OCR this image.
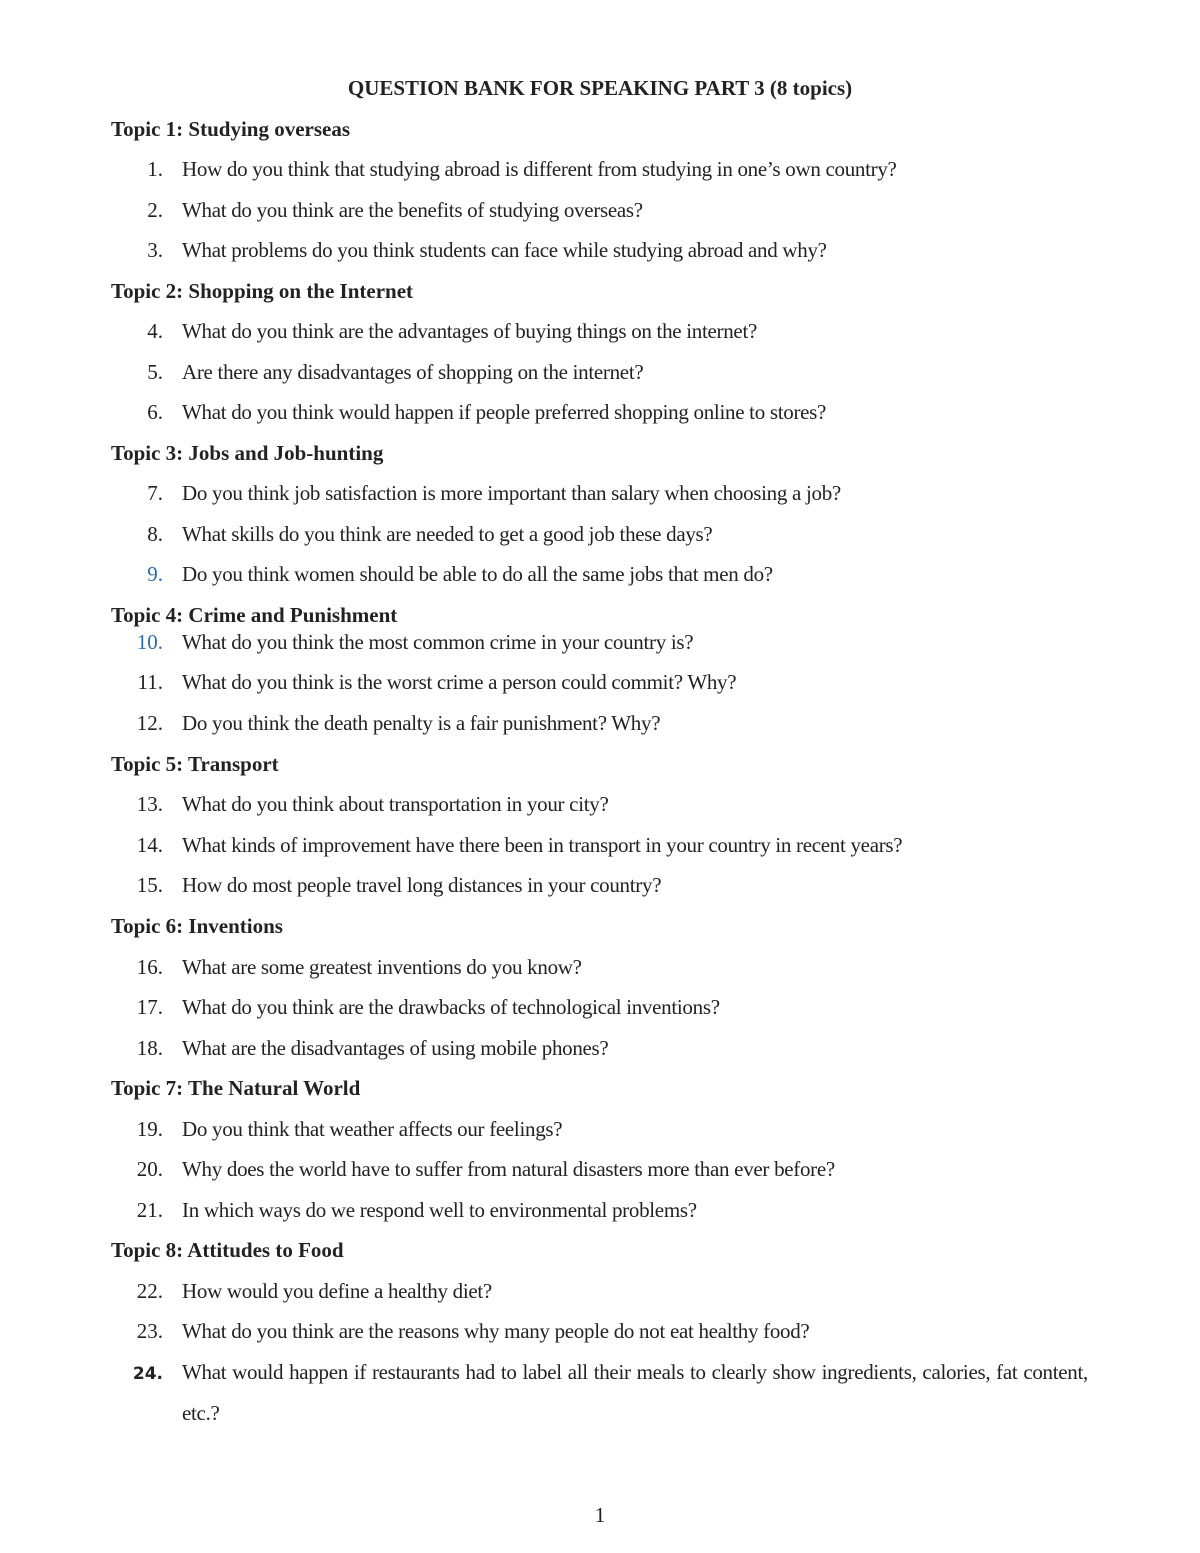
QUESTION BANK FOR SPEAKING PART 3 (8 topics)
Topic 1: Studying overseas
1. How do you think that studying abroad is different from studying in one’s own country?
2. What do you think are the benefits of studying overseas?
3. What problems do you think students can face while studying abroad and why?
Topic 2: Shopping on the Internet
4. What do you think are the advantages of buying things on the internet?
5. Are there any disadvantages of shopping on the internet?
6. What do you think would happen if people preferred shopping online to stores?
Topic 3: Jobs and Job-hunting
7. Do you think job satisfaction is more important than salary when choosing a job?
8. What skills do you think are needed to get a good job these days?
9. Do you think women should be able to do all the same jobs that men do?
Topic 4: Crime and Punishment
10. What do you think the most common crime in your country is?
11. What do you think is the worst crime a person could commit? Why?
12. Do you think the death penalty is a fair punishment? Why?
Topic 5: Transport
13. What do you think about transportation in your city?
14. What kinds of improvement have there been in transport in your country in recent years?
15. How do most people travel long distances in your country?
Topic 6: Inventions
16. What are some greatest inventions do you know?
17. What do you think are the drawbacks of technological inventions?
18. What are the disadvantages of using mobile phones?
Topic 7: The Natural World
19. Do you think that weather affects our feelings?
20. Why does the world have to suffer from natural disasters more than ever before?
21. In which ways do we respond well to environmental problems?
Topic 8: Attitudes to Food
22. How would you define a healthy diet?
23. What do you think are the reasons why many people do not eat healthy food?
24. What would happen if restaurants had to label all their meals to clearly show ingredients, calories, fat content, etc.?
1
